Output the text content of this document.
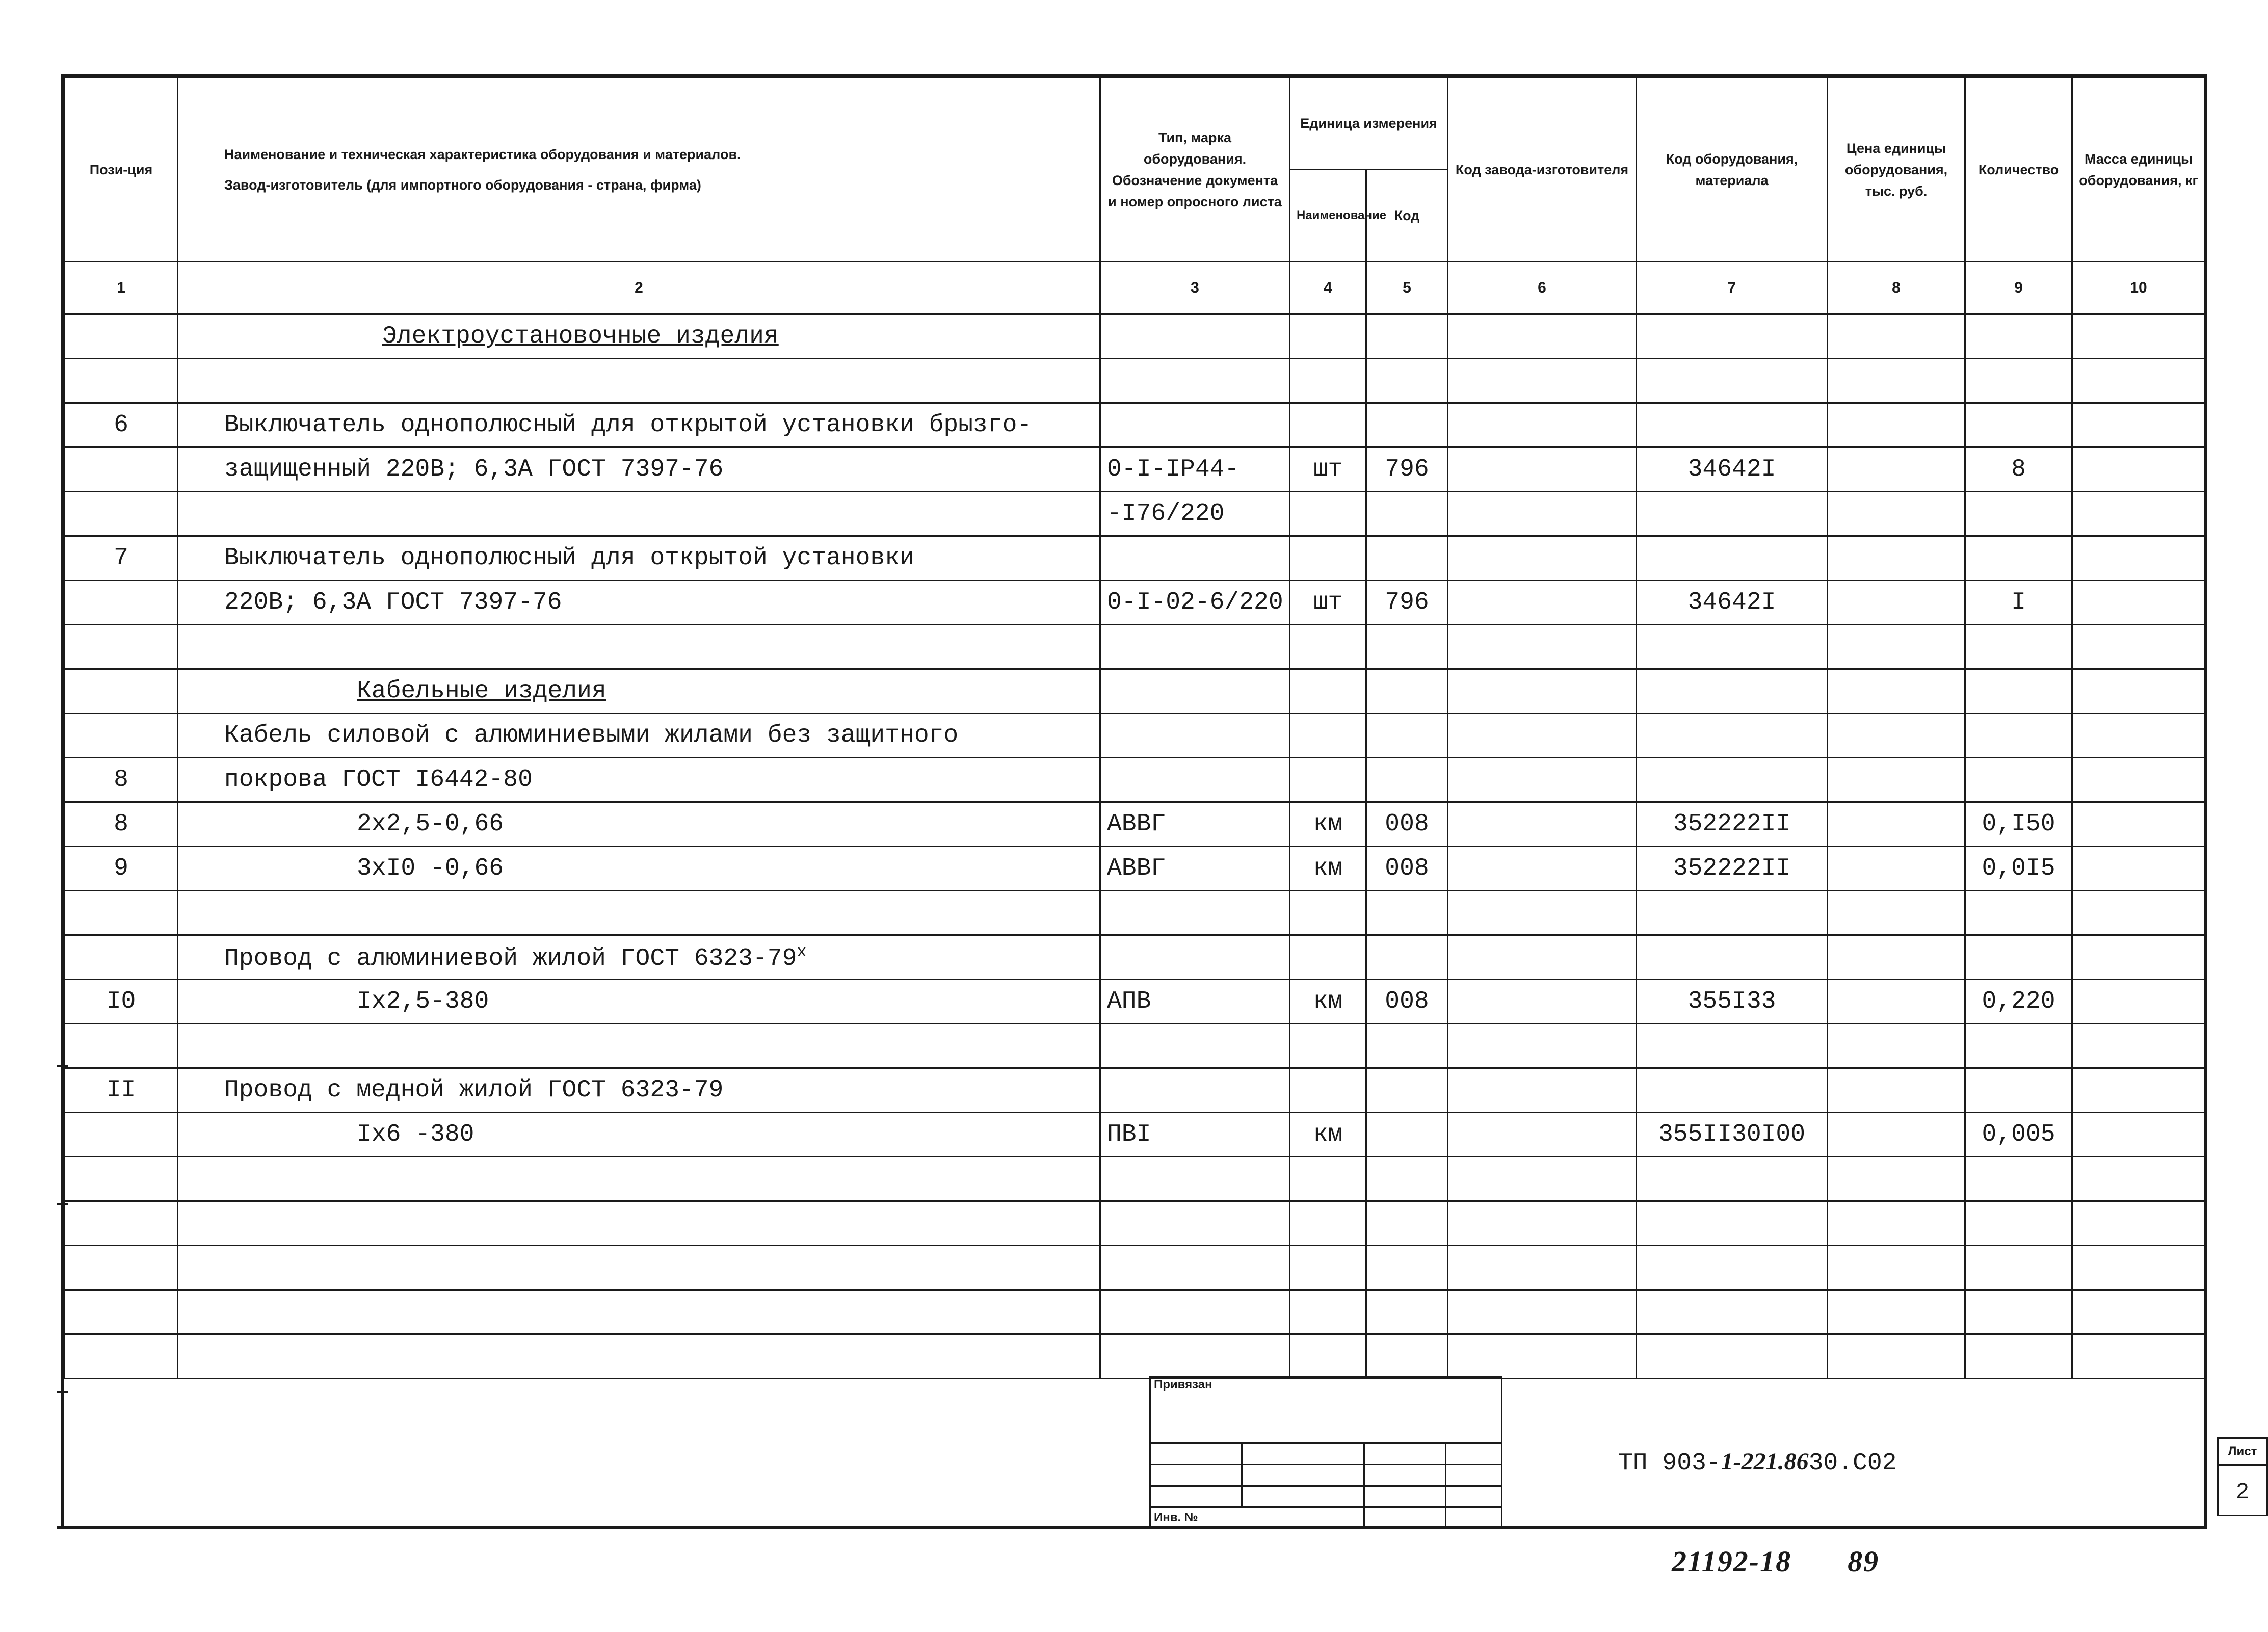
Пози-ция	Наименование и техническая характеристика оборудования и материалов.
Завод-изготовитель (для импортного оборудования - страна, фирма)	Тип, марка оборудования. Обозначение документа и номер опросного листа	Единица измерения		Код завода-изготовителя	Код оборудования, материала	Цена единицы оборудования, тыс. руб.	Количество	Масса единицы оборудования, кг
			Наименование	Код					
1	2	3	4	5	6	7	8	9	10
	Электроустановочные изделия								

6	Выключатель однополюсный для открытой установки брызго-								
	защищенный 220В; 6,3А ГОСТ 7397-76	0-I-IP44-	шт	796		34642I		8	
		-I76/220							
7	Выключатель однополюсный для открытой установки								
	220В; 6,3А ГОСТ 7397-76	0-I-02-6/220	шт	796		34642I		I	

	Кабельные изделия								
	Кабель силовой с алюминиевыми жилами без защитного								
8	покрова ГОСТ I6442-80								
8	2х2,5-0,66	АВВГ	км	008		352222II		0,I50	
9	3хI0 -0,66	АВВГ	км	008		352222II		0,0I5	

	Провод с алюминиевой жилой ГОСТ 6323-79$^x$								
I0	Iх2,5-380	АПВ	км	008		355I33		0,220	

II	Провод с медной жилой ГОСТ 6323-79								
	Iх6 -380	ПВI	км			355II30I00		0,005	

Привязан			

Инв. №			
ТП 903-1-221.8630.С02	Лист
2
21192-18 89
